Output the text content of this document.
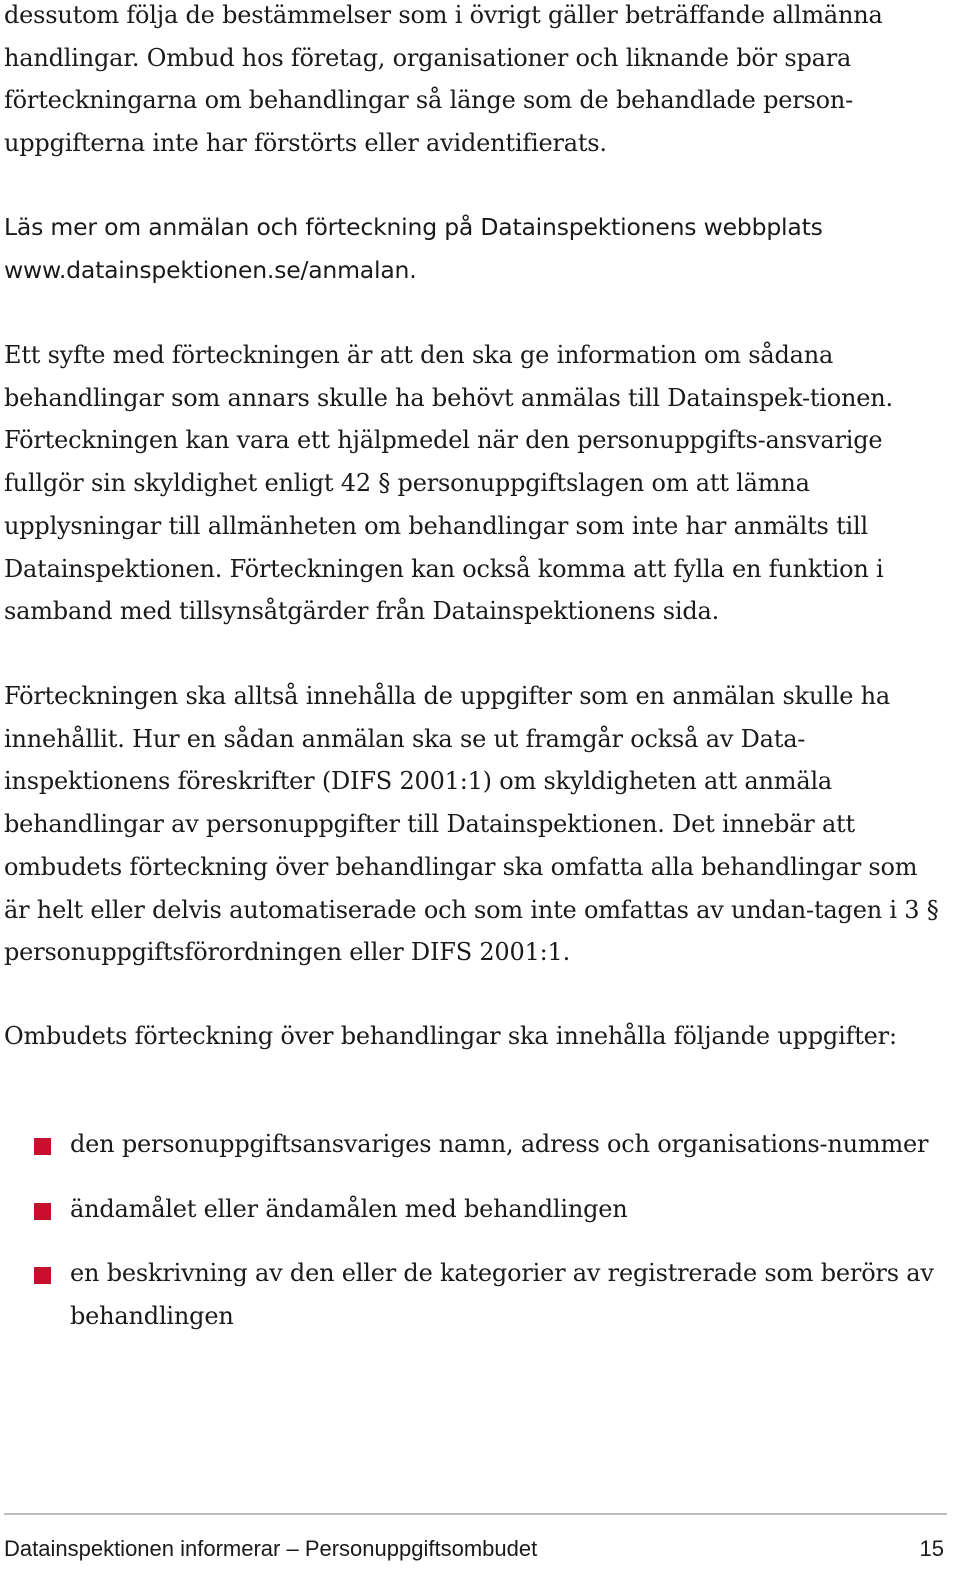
dessutom följa de bestämmelser som i övrigt gäller beträffande allmänna handlingar. Ombud hos företag, organisationer och liknande bör spara förteckningarna om behandlingar så länge som de behandlade person-uppgifterna inte har förstörts eller avidentifierats.

Läs mer om anmälan och förteckning på Datainspektionens webbplats www.datainspektionen.se/anmalan.

Ett syfte med förteckningen är att den ska ge information om sådana behandlingar som annars skulle ha behövt anmälas till Datainspek-tionen. Förteckningen kan vara ett hjälpmedel när den personuppgifts-ansvarige fullgör sin skyldighet enligt 42 § personuppgiftslagen om att lämna upplysningar till allmänheten om behandlingar som inte har anmälts till Datainspektionen. Förteckningen kan också komma att fylla en funktion i samband med tillsynsåtgärder från Datainspektionens sida.

Förteckningen ska alltså innehålla de uppgifter som en anmälan skulle ha innehållit. Hur en sådan anmälan ska se ut framgår också av Data-inspektionens föreskrifter (DIFS 2001:1) om skyldigheten att anmäla behandlingar av personuppgifter till Datainspektionen. Det innebär att ombudets förteckning över behandlingar ska omfatta alla behandlingar som är helt eller delvis automatiserade och som inte omfattas av undan-tagen i 3 § personuppgiftsförordningen eller DIFS 2001:1.

Ombudets förteckning över behandlingar ska innehålla följande uppgifter:

den personuppgiftsansvariges namn, adress och organisations-nummer
ändamålet eller ändamålen med behandlingen
en beskrivning av den eller de kategorier av registrerade som berörs av behandlingen
Datainspektionen informerar – Personuppgiftsombudet	15
